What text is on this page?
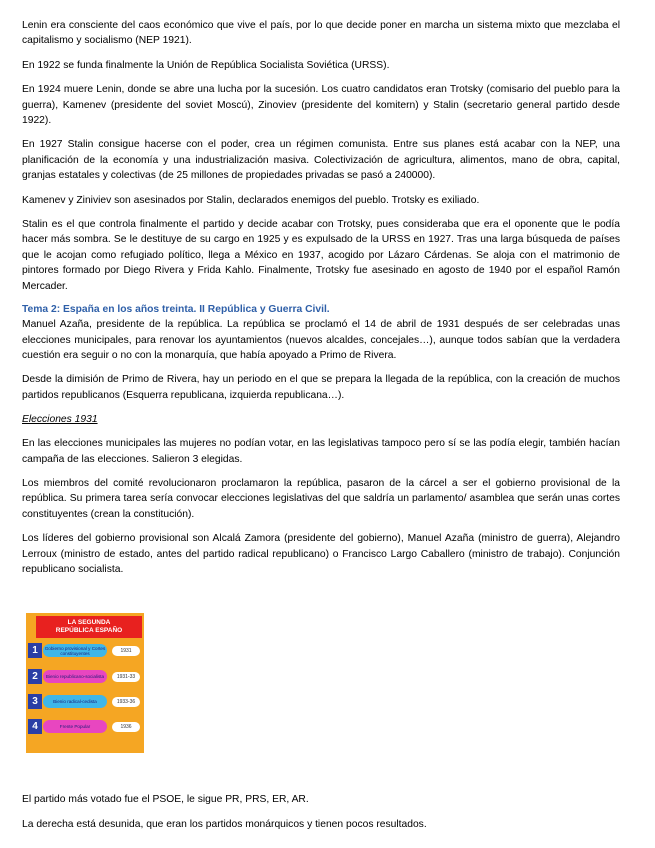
Lenin era consciente del caos económico que vive el país, por lo que decide poner en marcha un sistema mixto que mezclaba el capitalismo y socialismo (NEP 1921).

En 1922 se funda finalmente la Unión de República Socialista Soviética (URSS).

En 1924 muere Lenin, donde se abre una lucha por la sucesión. Los cuatro candidatos eran Trotsky (comisario del pueblo para la guerra), Kamenev (presidente del soviet Moscú), Zinoviev (presidente del komitern) y Stalin (secretario general partido desde 1922).

En 1927 Stalin consigue hacerse con el poder, crea un régimen comunista. Entre sus planes está acabar con la NEP, una planificación de la economía y una industrialización masiva. Colectivización de agricultura, alimentos, mano de obra, capital, granjas estatales y colectivas (de 25 millones de propiedades privadas se pasó a 240000).

Kamenev y Ziniviev son asesinados por Stalin, declarados enemigos del pueblo. Trotsky es exiliado.

Stalin es el que controla finalmente el partido y decide acabar con Trotsky, pues consideraba que era el oponente que le podía hacer más sombra. Se le destituye de su cargo en 1925 y es expulsado de la URSS en 1927. Tras una larga búsqueda de países que le acojan como refugiado político, llega a México en 1937, acogido por Lázaro Cárdenas. Se aloja con el matrimonio de pintores formado por Diego Rivera y Frida Kahlo. Finalmente, Trotsky fue asesinado en agosto de 1940 por el español Ramón Mercader.

Tema 2: España en los años treinta. II República y Guerra Civil.

Manuel Azaña, presidente de la república. La república se proclamó el 14 de abril de 1931 después de ser celebradas unas elecciones municipales, para renovar los ayuntamientos (nuevos alcaldes, concejales…), aunque todos sabían que la verdadera cuestión era seguir o no con la monarquía, que había apoyado a Primo de Rivera.

Desde la dimisión de Primo de Rivera, hay un periodo en el que se prepara la llegada de la república, con la creación de muchos partidos republicanos (Esquerra republicana, izquierda republicana…).

Elecciones 1931

En las elecciones municipales las mujeres no podían votar, en las legislativas tampoco pero sí se las podía elegir, también hacían campaña de las elecciones. Salieron 3 elegidas.

Los miembros del comité revolucionaron proclamaron la república, pasaron de la cárcel a ser el gobierno provisional de la república. Su primera tarea sería convocar elecciones legislativas del que saldría un parlamento/ asamblea que serán unas cortes constituyentes (crean la constitución).

Los líderes del gobierno provisional son Alcalá Zamora (presidente del gobierno), Manuel Azaña (ministro de guerra), Alejandro Lerroux (ministro de estado, antes del partido radical republicano) o Francisco Largo Caballero (ministro de trabajo). Conjunción republicano socialista.

LA SEGUNDA
REPÚBLICA ESPAÑO
1	Gobierno provisional y Cortes constituyentes	1931
2	Bienio republicano-socialista	1931-33
3	Bienio radical-cedista	1933-36
4	Frente Popular	1936

El partido más votado fue el PSOE, le sigue PR, PRS, ER, AR.

La derecha está desunida, que eran los partidos monárquicos y tienen pocos resultados.
